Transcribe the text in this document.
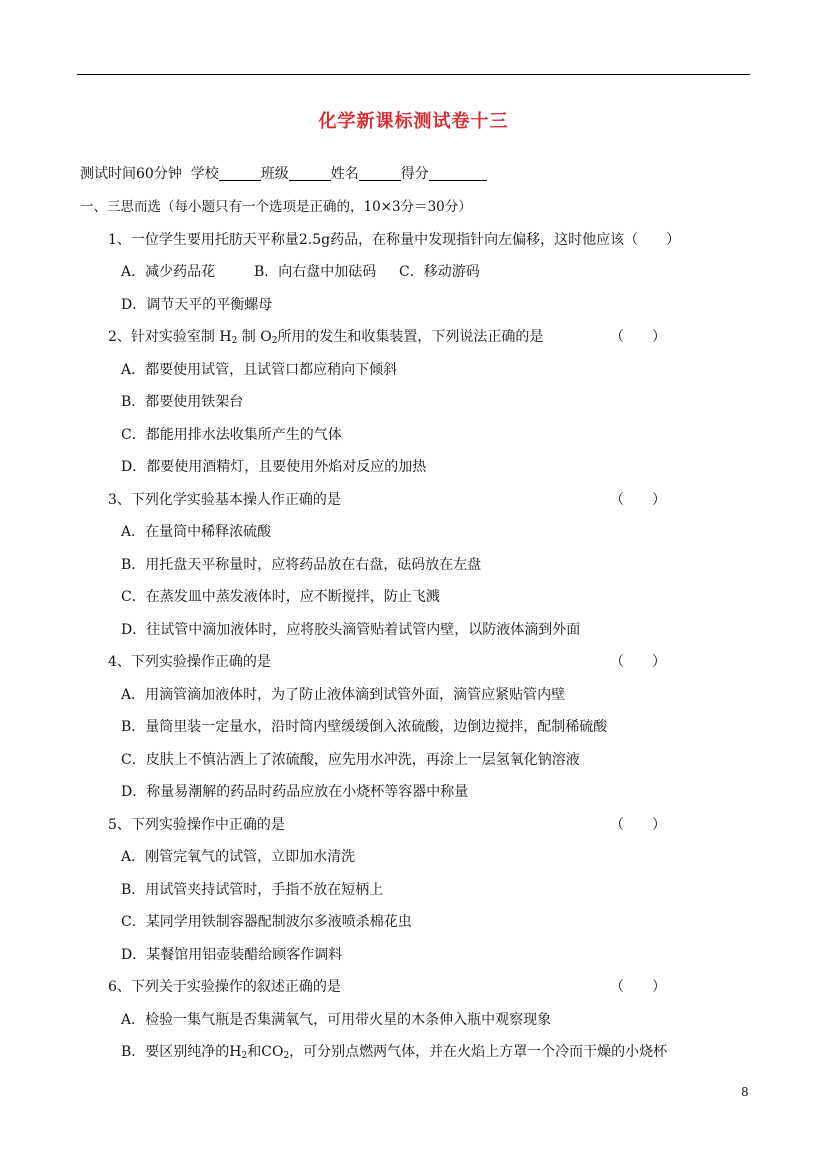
化学新课标测试卷十三
测试时间60分钟 学校	班级	姓名	得分
一、三思而选（每小题只有一个选项是正确的，10×3分＝30分）
1、一位学生要用托肪天平称量2.5g药品，在称量中发现指针向左偏移，这时他应该（　　）
A．减少药品花	B．向右盘中加砝码 C．移动游码
D．调节天平的平衡螺母
2、针对实验室制 $H_2$ 制 $O_2$所用的发生和收集装置，下列说法正确的是	（　　）
A．都要使用试管，且试管口都应稍向下倾斜
B．都要使用铁架台
C．都能用排水法收集所产生的气体
D．都要使用酒精灯，且要使用外焰对反应的加热
3、下列化学实验基本操人作正确的是	（　　）
A．在量筒中稀释浓硫酸
B．用托盘天平称量时，应将药品放在右盘，砝码放在左盘
C．在蒸发皿中蒸发液体时，应不断搅拌，防止飞溅
D．往试管中滴加液体时，应将胶头滴管贴着试管内壁，以防液体滴到外面
4、下列实验操作正确的是	（　　）
A．用滴管滴加液体时，为了防止液体滴到试管外面，滴管应紧贴管内壁
B．量筒里装一定量水，沿时筒内壁缓缓倒入浓硫酸，边倒边搅拌，配制稀硫酸
C．皮肤上不慎沾洒上了浓硫酸，应先用水冲洗，再涂上一层氢氧化钠溶液
D．称量易潮解的药品时药品应放在小烧杯等容器中称量
5、下列实验操作中正确的是	（　　）
A．刚管完氧气的试管，立即加水清洗
B．用试管夹持试管时，手指不放在短柄上
C．某同学用铁制容器配制波尔多液喷杀棉花虫
D．某餐馆用铝壶装醋给顾客作调料
6、下列关于实验操作的叙述正确的是	（　　）
A．检验一集气瓶是否集满氧气，可用带火星的木条伸入瓶中观察现象
B．要区别纯净的$H_2$和$CO_2$，可分别点燃两气体，并在火焰上方罩一个冷而干燥的小烧杯
8
